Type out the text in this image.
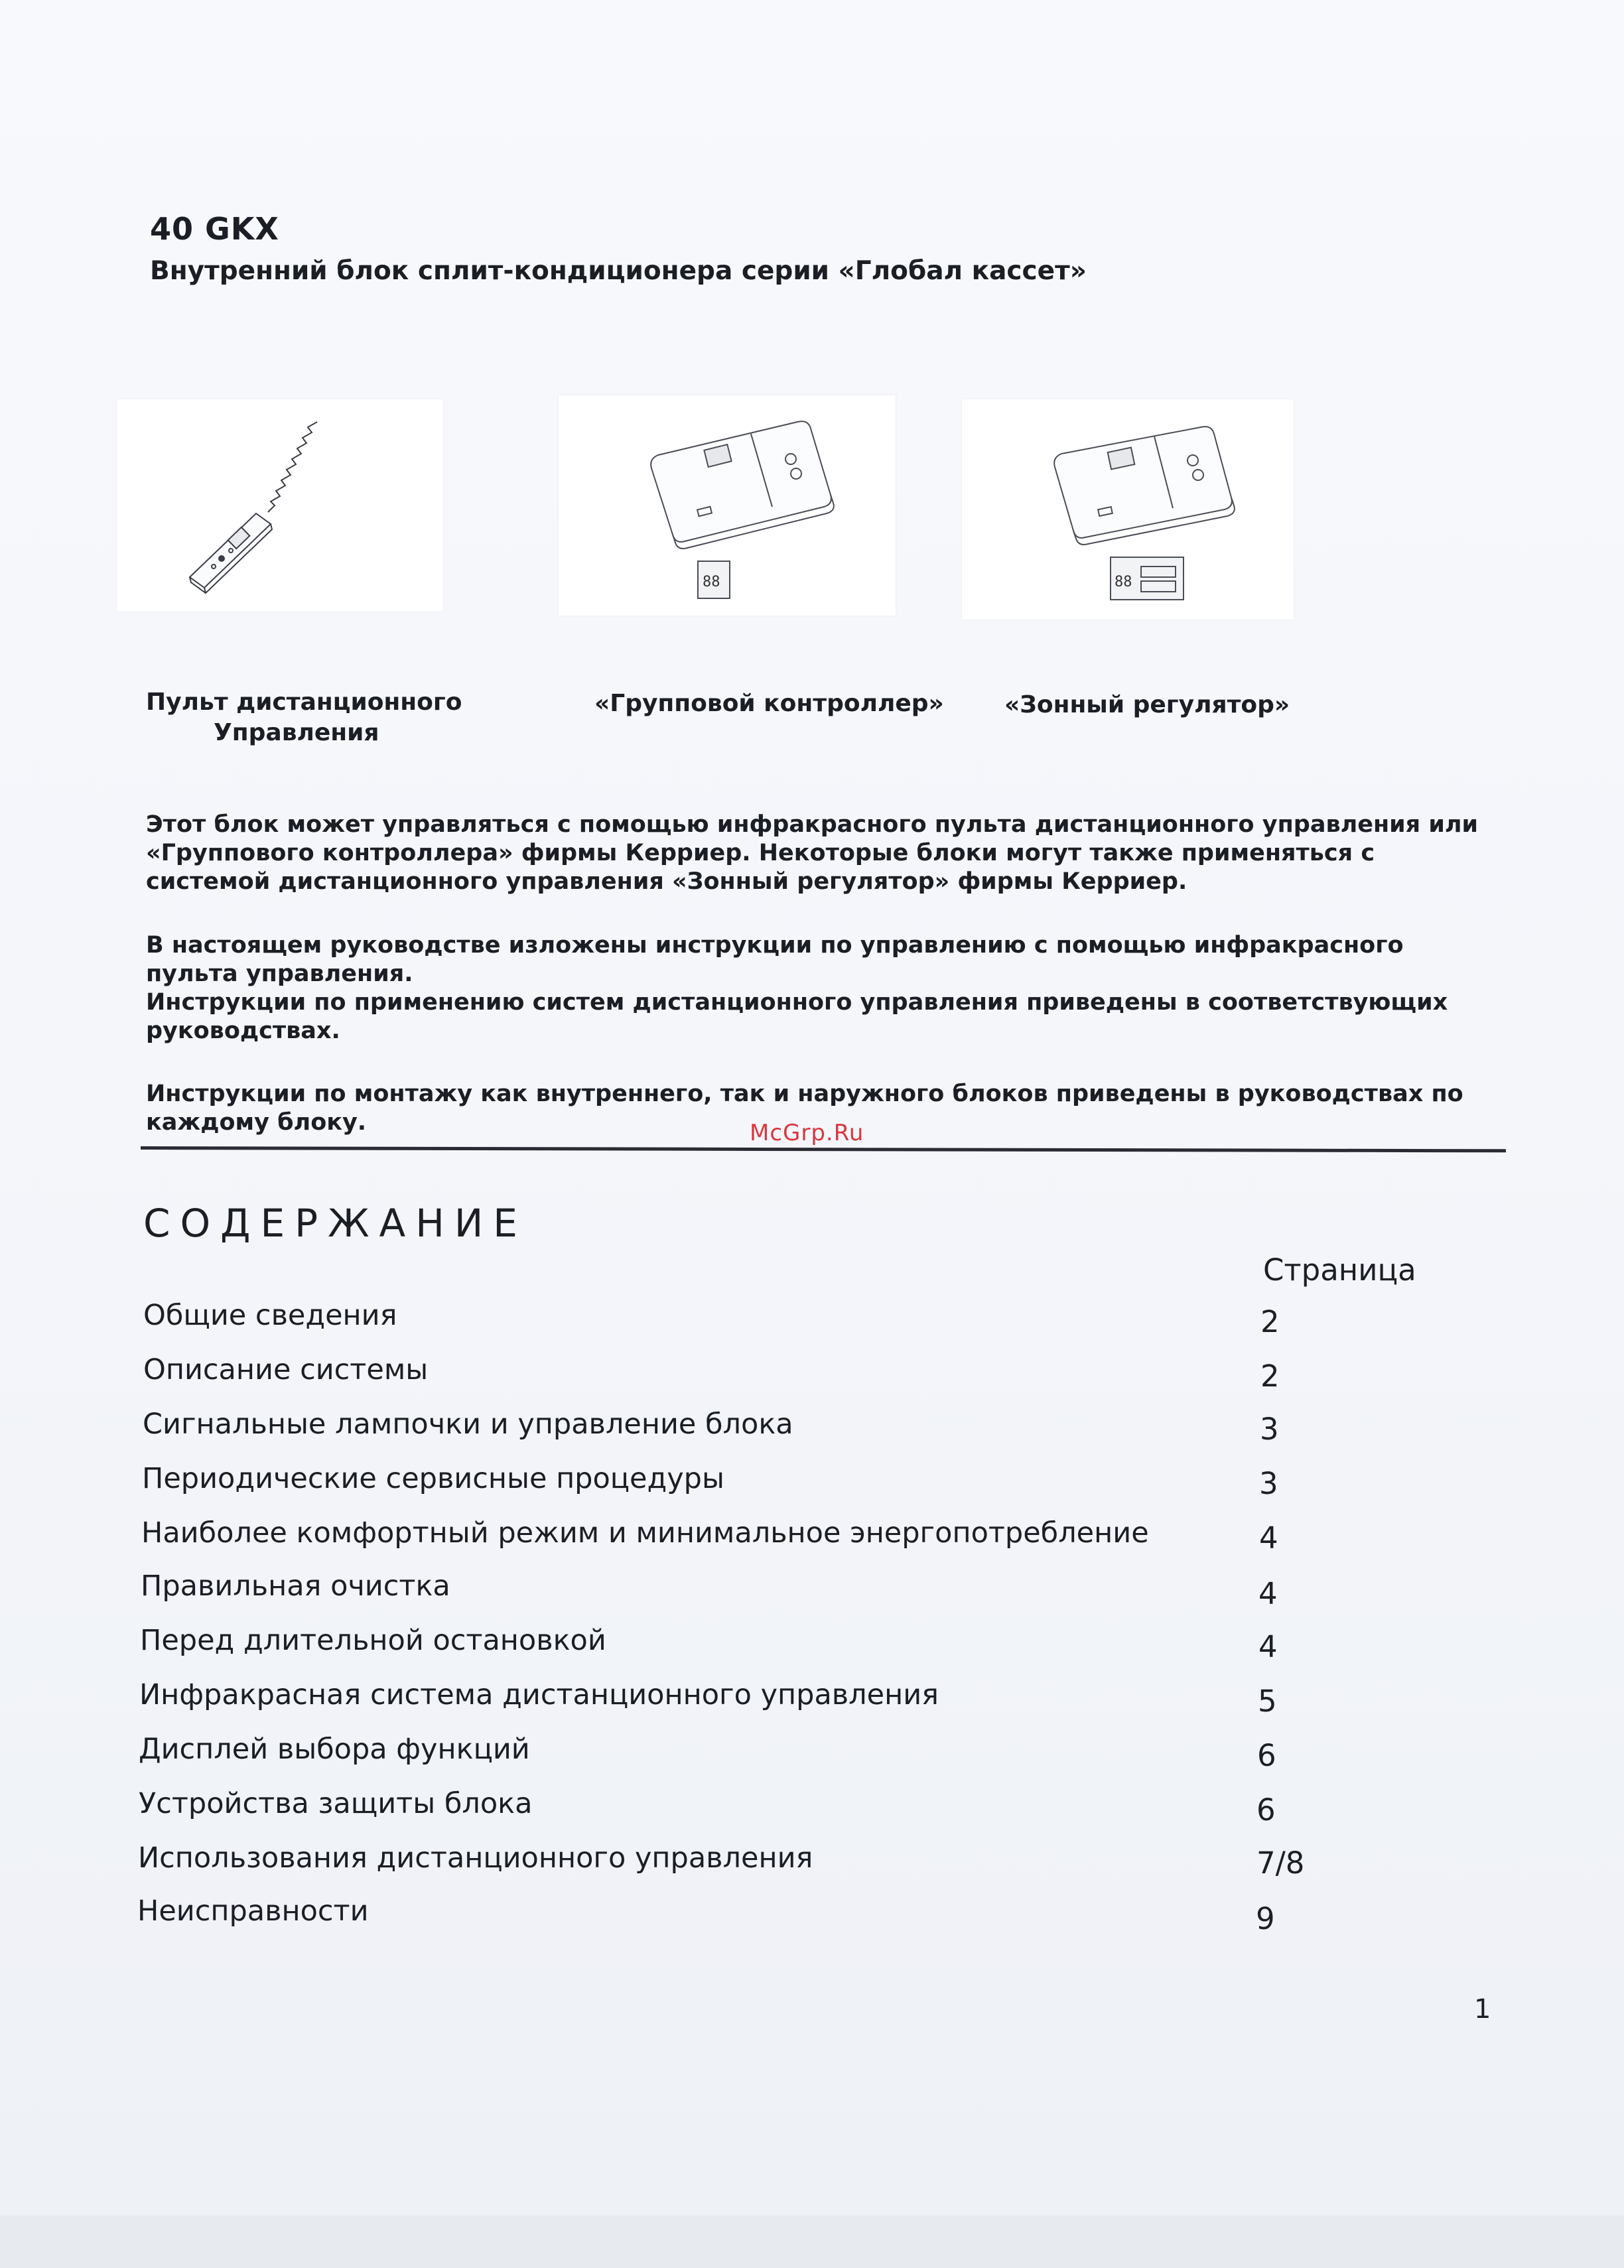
40 GKX
Внутренний блок сплит-кондиционера серии «Глобал кассет»
88	88
Пульт дистанционного
Управления
«Групповой контроллер»	«Зонный регулятор»
Этот блок может управляться с помощью инфракрасного пульта дистанционного управления или «Группового контроллера» фирмы Керриер. Некоторые блоки могут также применяться с системой дистанционного управления «Зонный регулятор» фирмы Керриер.
В настоящем руководстве изложены инструкции по управлению с помощью инфракрасного пульта управления.
Инструкции по применению систем дистанционного управления приведены в соответствующих руководствах.
Инструкции по монтажу как внутреннего, так и наружного блоков приведены в руководствах по каждому блоку.	McGrp.Ru
СОДЕРЖАНИЕ
Страница
Общие сведения	2
Описание системы	2
Сигнальные лампочки и управление блока	3
Периодические сервисные процедуры	3
Наиболее комфортный режим и минимальное энергопотребление	4
Правильная очистка	4
Перед длительной остановкой	4
Инфракрасная система дистанционного управления	5
Дисплей выбора функций	6
Устройства защиты блока	6
Использования дистанционного управления	7/8
Неисправности	9
1
